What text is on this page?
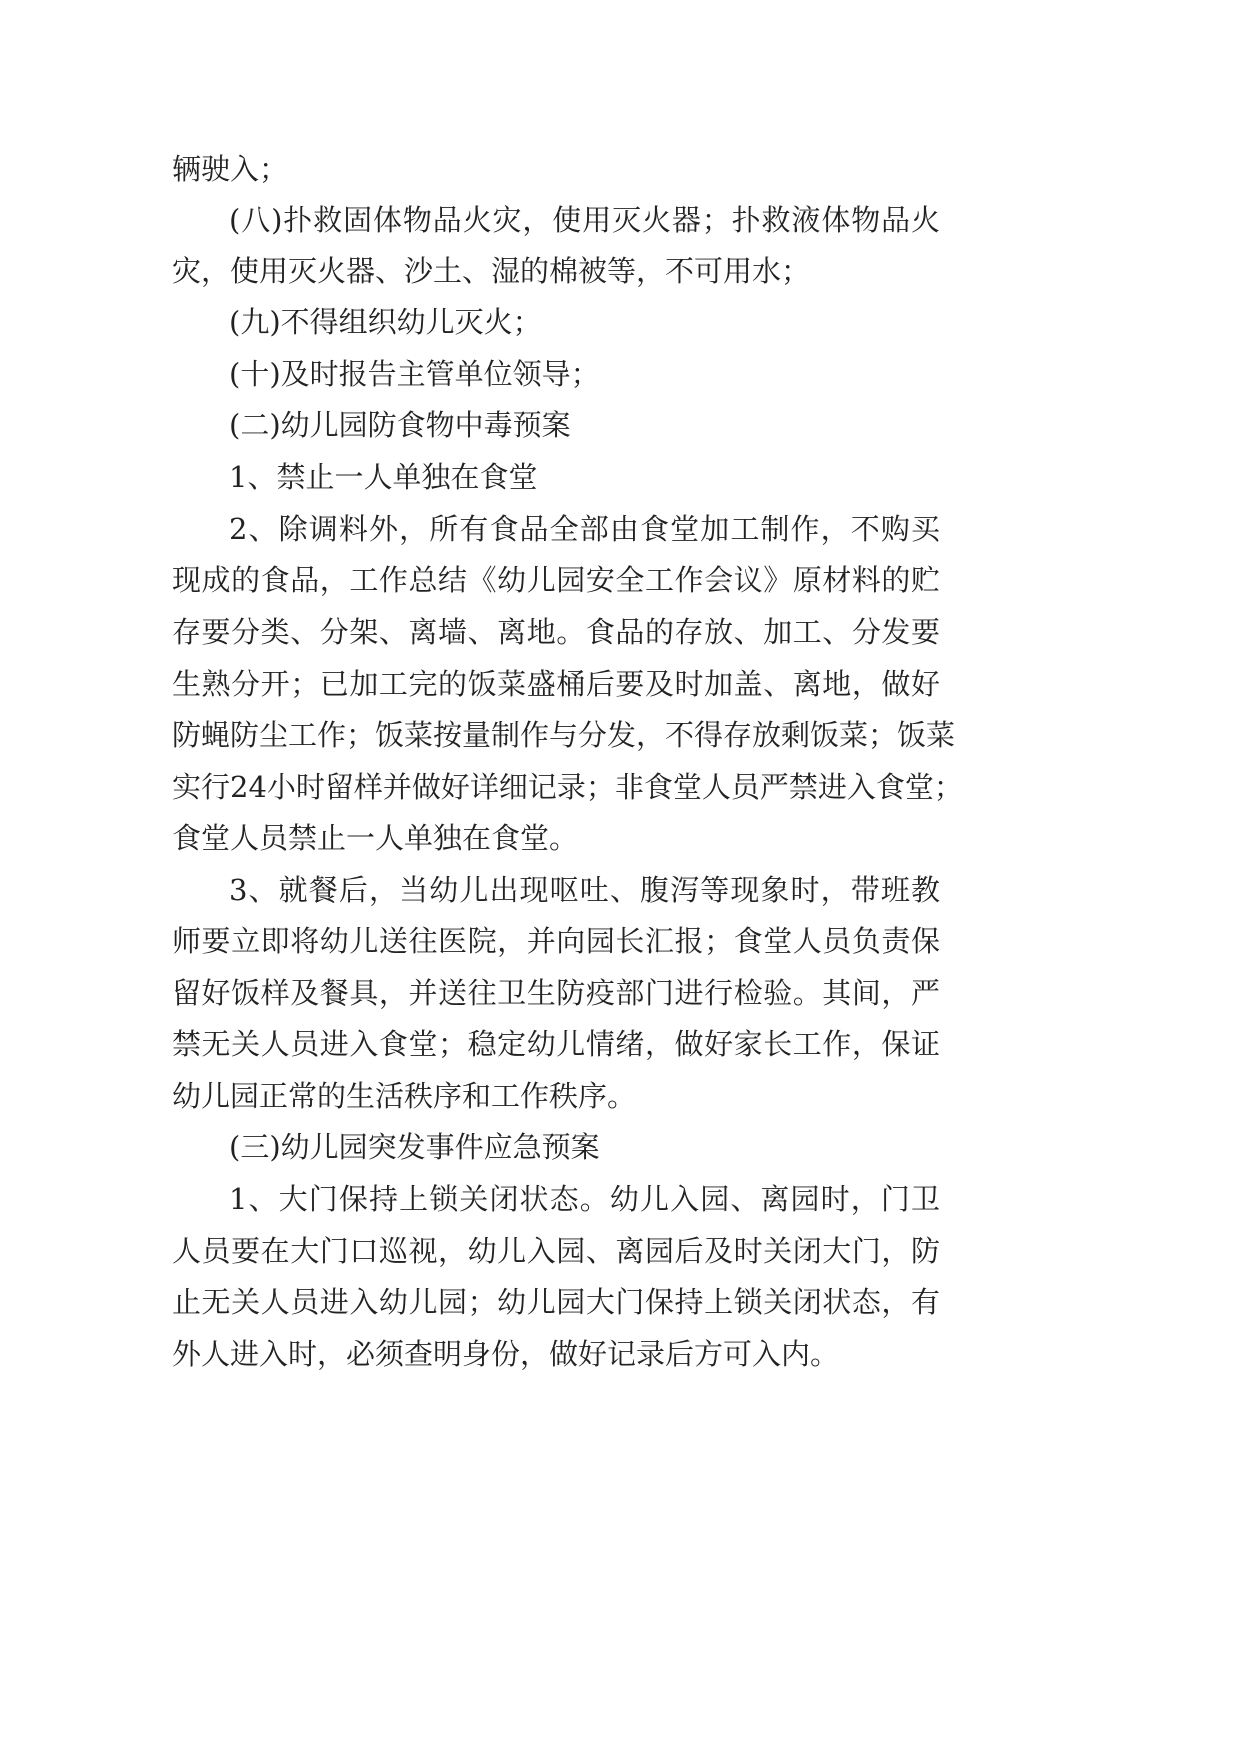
辆驶入；
(八)扑救固体物品火灾，使用灭火器；扑救液体物品火
灾，使用灭火器、沙土、湿的棉被等，不可用水；
(九)不得组织幼儿灭火；
(十)及时报告主管单位领导；
(二)幼儿园防食物中毒预案
1、禁止一人单独在食堂
2、除调料外，所有食品全部由食堂加工制作，不购买
现成的食品，工作总结《幼儿园安全工作会议》原材料的贮
存要分类、分架、离墙、离地。食品的存放、加工、分发要
生熟分开；已加工完的饭菜盛桶后要及时加盖、离地，做好
防蝇防尘工作；饭菜按量制作与分发，不得存放剩饭菜；饭菜
实行24小时留样并做好详细记录；非食堂人员严禁进入食堂；
食堂人员禁止一人单独在食堂。
3、就餐后，当幼儿出现呕吐、腹泻等现象时，带班教
师要立即将幼儿送往医院，并向园长汇报；食堂人员负责保
留好饭样及餐具，并送往卫生防疫部门进行检验。其间，严
禁无关人员进入食堂；稳定幼儿情绪，做好家长工作，保证
幼儿园正常的生活秩序和工作秩序。
(三)幼儿园突发事件应急预案
1、大门保持上锁关闭状态。幼儿入园、离园时，门卫
人员要在大门口巡视，幼儿入园、离园后及时关闭大门，防
止无关人员进入幼儿园；幼儿园大门保持上锁关闭状态，有
外人进入时，必须查明身份，做好记录后方可入内。
